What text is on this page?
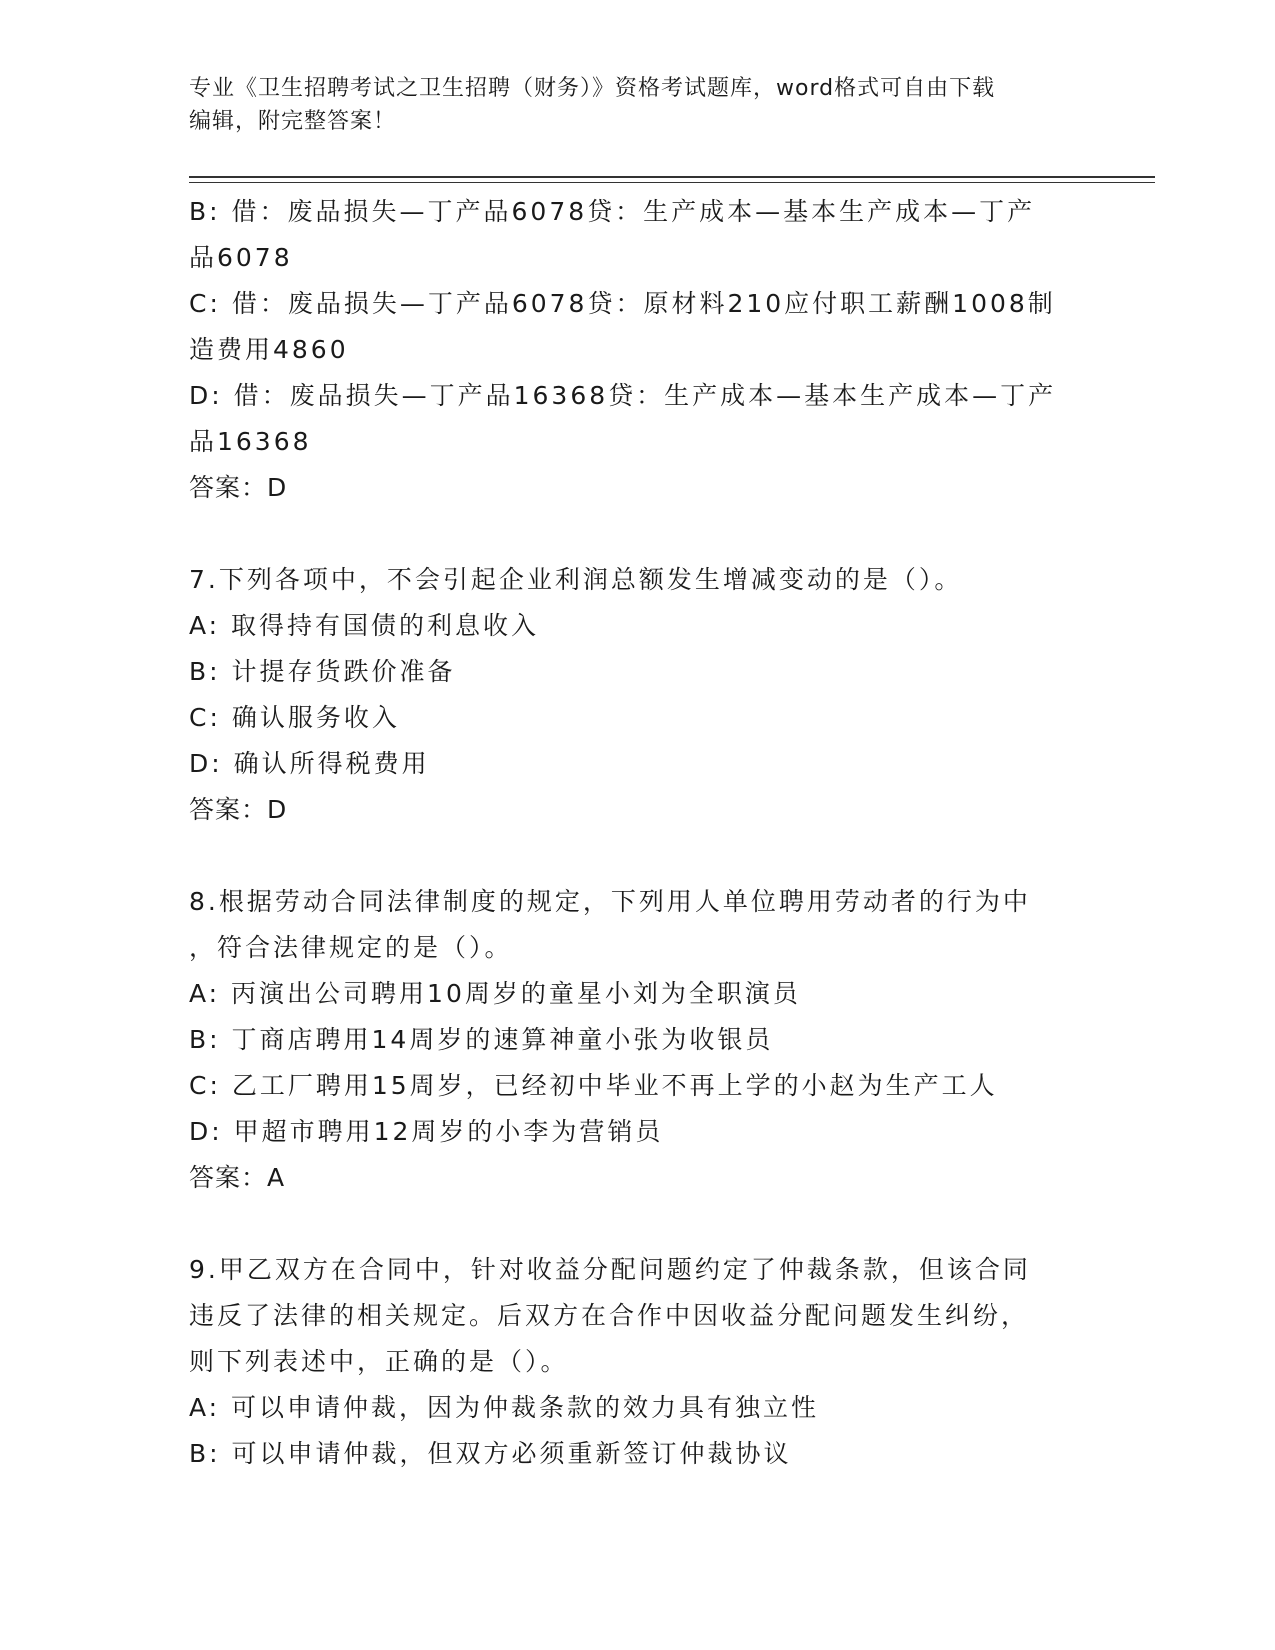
专业《卫生招聘考试之卫生招聘（财务）》资格考试题库，word格式可自由下载
编辑，附完整答案！
B: 借：废品损失—丁产品6078贷：生产成本—基本生产成本—丁产
品6078
C: 借：废品损失—丁产品6078贷：原材料210应付职工薪酬1008制
造费用4860
D: 借：废品损失—丁产品16368贷：生产成本—基本生产成本—丁产
品16368
答案：D
7.下列各项中，不会引起企业利润总额发生增减变动的是（）。
A: 取得持有国债的利息收入
B: 计提存货跌价准备
C: 确认服务收入
D: 确认所得税费用
答案：D
8.根据劳动合同法律制度的规定，下列用人单位聘用劳动者的行为中
，符合法律规定的是（）。
A: 丙演出公司聘用10周岁的童星小刘为全职演员
B: 丁商店聘用14周岁的速算神童小张为收银员
C: 乙工厂聘用15周岁，已经初中毕业不再上学的小赵为生产工人
D: 甲超市聘用12周岁的小李为营销员
答案：A
9.甲乙双方在合同中，针对收益分配问题约定了仲裁条款，但该合同
违反了法律的相关规定。后双方在合作中因收益分配问题发生纠纷，
则下列表述中，正确的是（）。
A: 可以申请仲裁，因为仲裁条款的效力具有独立性
B: 可以申请仲裁，但双方必须重新签订仲裁协议
